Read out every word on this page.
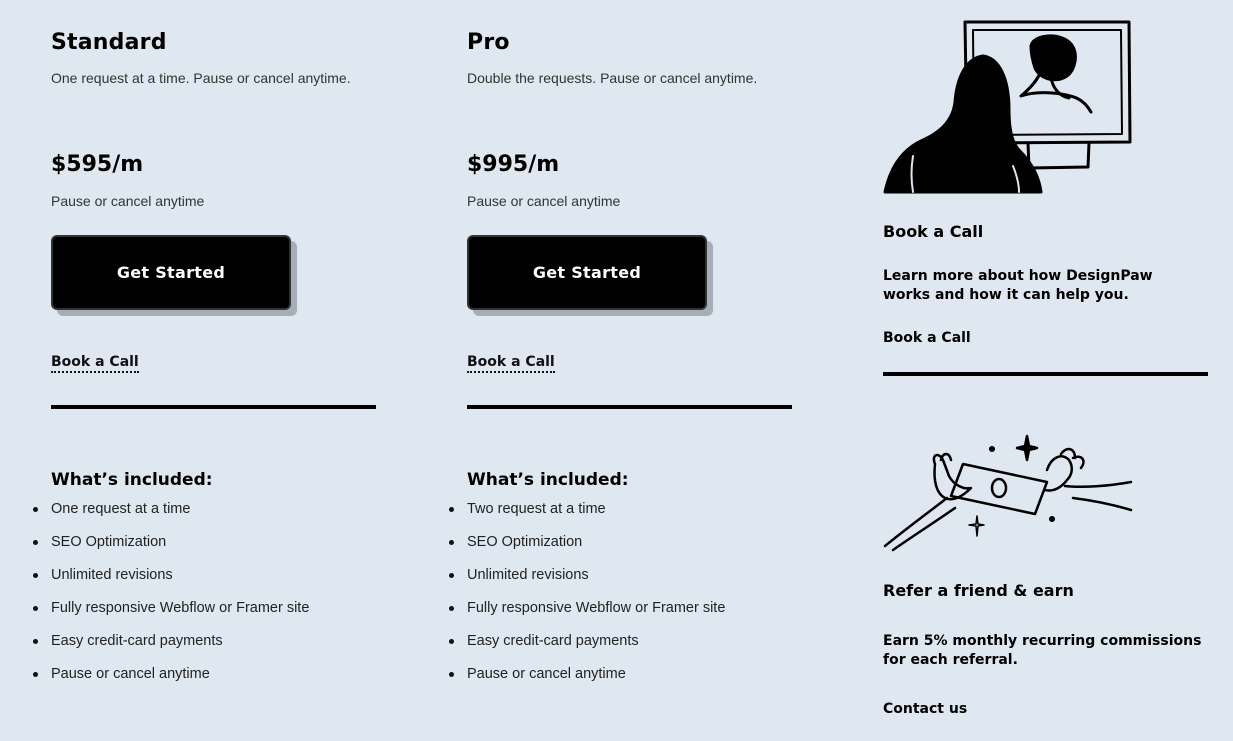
Standard
One request at a time. Pause or cancel anytime.
$595/m
Pause or cancel anytime
Get Started
Book a Call
What’s included:
One request at a time
SEO Optimization
Unlimited revisions
Fully responsive Webflow or Framer site
Easy credit-card payments
Pause or cancel anytime
Pro
Double the requests. Pause or cancel anytime.
$995/m
Pause or cancel anytime
Get Started
Book a Call
What’s included:
Two request at a time
SEO Optimization
Unlimited revisions
Fully responsive Webflow or Framer site
Easy credit-card payments
Pause or cancel anytime
Book a Call

Learn more about how DesignPaw works and how it can help you.

Book a Call
Refer a friend & earn

Earn 5% monthly recurring commissions for each referral.

Contact us
